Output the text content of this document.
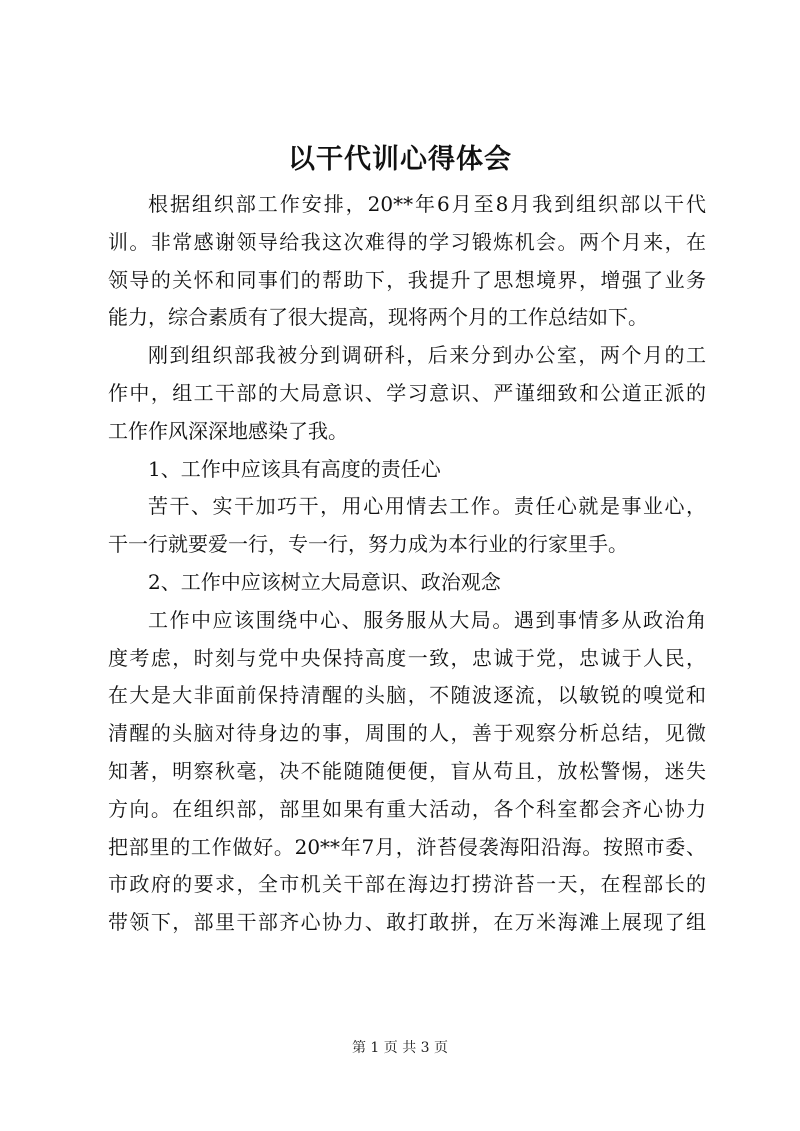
以干代训心得体会
根据组织部工作安排，20**年6月至8月我到组织部以干代
训。非常感谢领导给我这次难得的学习锻炼机会。两个月来，在
领导的关怀和同事们的帮助下，我提升了思想境界，增强了业务
能力，综合素质有了很大提高，现将两个月的工作总结如下。
刚到组织部我被分到调研科，后来分到办公室，两个月的工
作中，组工干部的大局意识、学习意识、严谨细致和公道正派的
工作作风深深地感染了我。
1、工作中应该具有高度的责任心
苦干、实干加巧干，用心用情去工作。责任心就是事业心，
干一行就要爱一行，专一行，努力成为本行业的行家里手。
2、工作中应该树立大局意识、政治观念
工作中应该围绕中心、服务服从大局。遇到事情多从政治角
度考虑，时刻与党中央保持高度一致，忠诚于党，忠诚于人民，
在大是大非面前保持清醒的头脑，不随波逐流，以敏锐的嗅觉和
清醒的头脑对待身边的事，周围的人，善于观察分析总结，见微
知著，明察秋毫，决不能随随便便，盲从苟且，放松警惕，迷失
方向。在组织部，部里如果有重大活动，各个科室都会齐心协力
把部里的工作做好。20**年7月，浒苔侵袭海阳沿海。按照市委、
市政府的要求，全市机关干部在海边打捞浒苔一天，在程部长的
带领下，部里干部齐心协力、敢打敢拼，在万米海滩上展现了组
第 1 页 共 3 页
